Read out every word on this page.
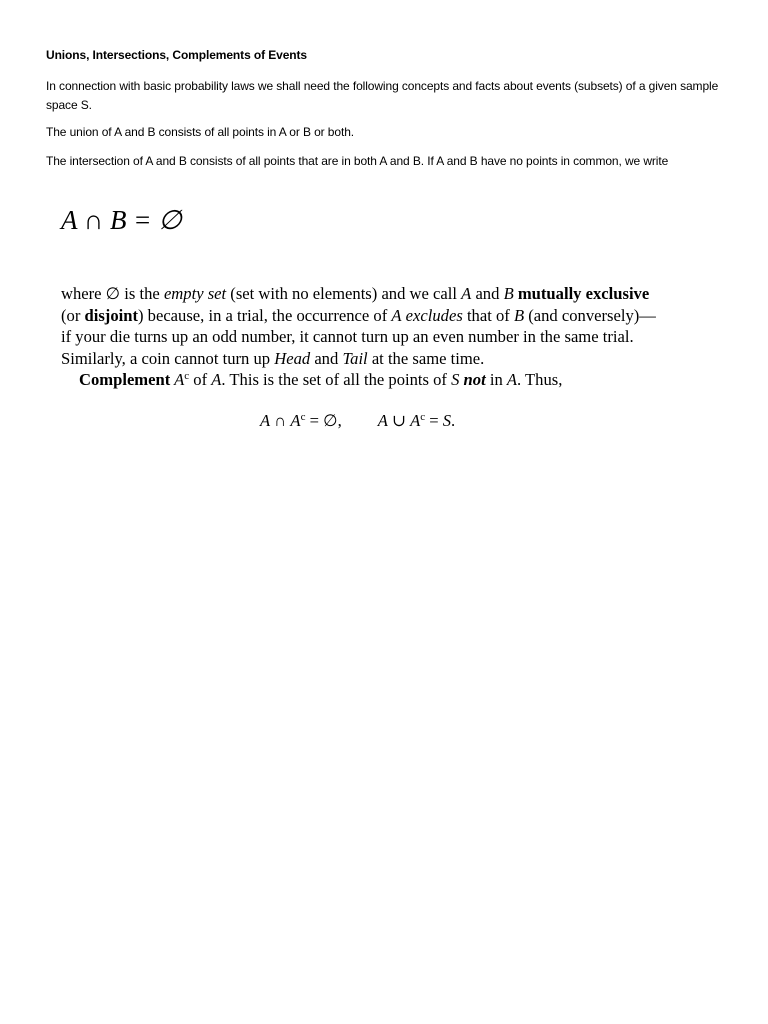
Unions, Intersections, Complements of Events
In connection with basic probability laws we shall need the following concepts and facts about events (subsets) of a given sample space S.
The union of A and B consists of all points in A or B or both.
The intersection of A and B consists of all points that are in both A and B. If A and B have no points in common, we write
A ∩ B = ∅

where ∅ is the empty set (set with no elements) and we call A and B mutually exclusive

(or disjoint) because, in a trial, the occurrence of A excludes that of B (and conversely)—

if your die turns up an odd number, it cannot turn up an even number in the same trial.

Similarly, a coin cannot turn up Head and Tail at the same time.

Complement $A^c$ of A. This is the set of all the points of S not in A. Thus,

A ∩ $A^c$ = ∅, A ∪ $A^c = S$.
